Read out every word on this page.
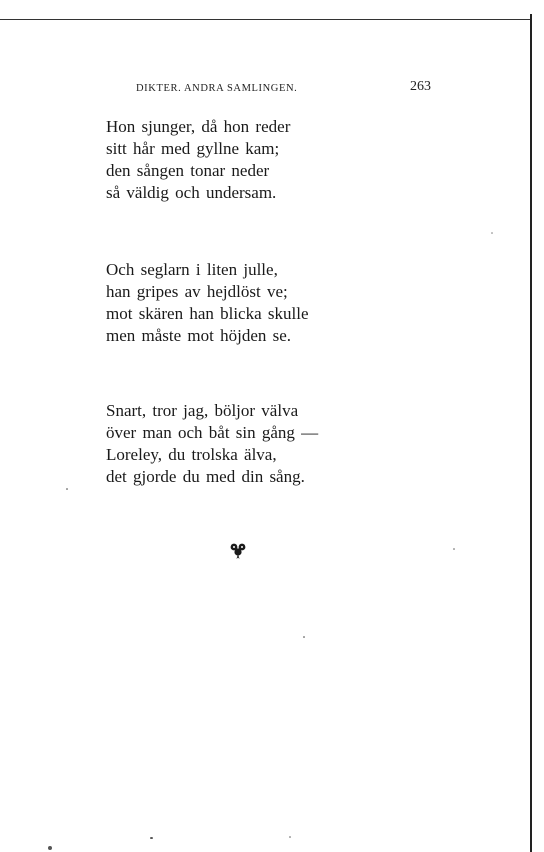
DIKTER. ANDRA SAMLINGEN.	263
Hon sjunger, då hon reder
sitt hår med gyllne kam;
den sången tonar neder
så väldig och undersam.
Och seglarn i liten julle,
han gripes av hejdlöst ve;
mot skären han blicka skulle
men måste mot höjden se.
Snart, tror jag, böljor välva
över man och båt sin gång —
Loreley, du trolska älva,
det gjorde du med din sång.
